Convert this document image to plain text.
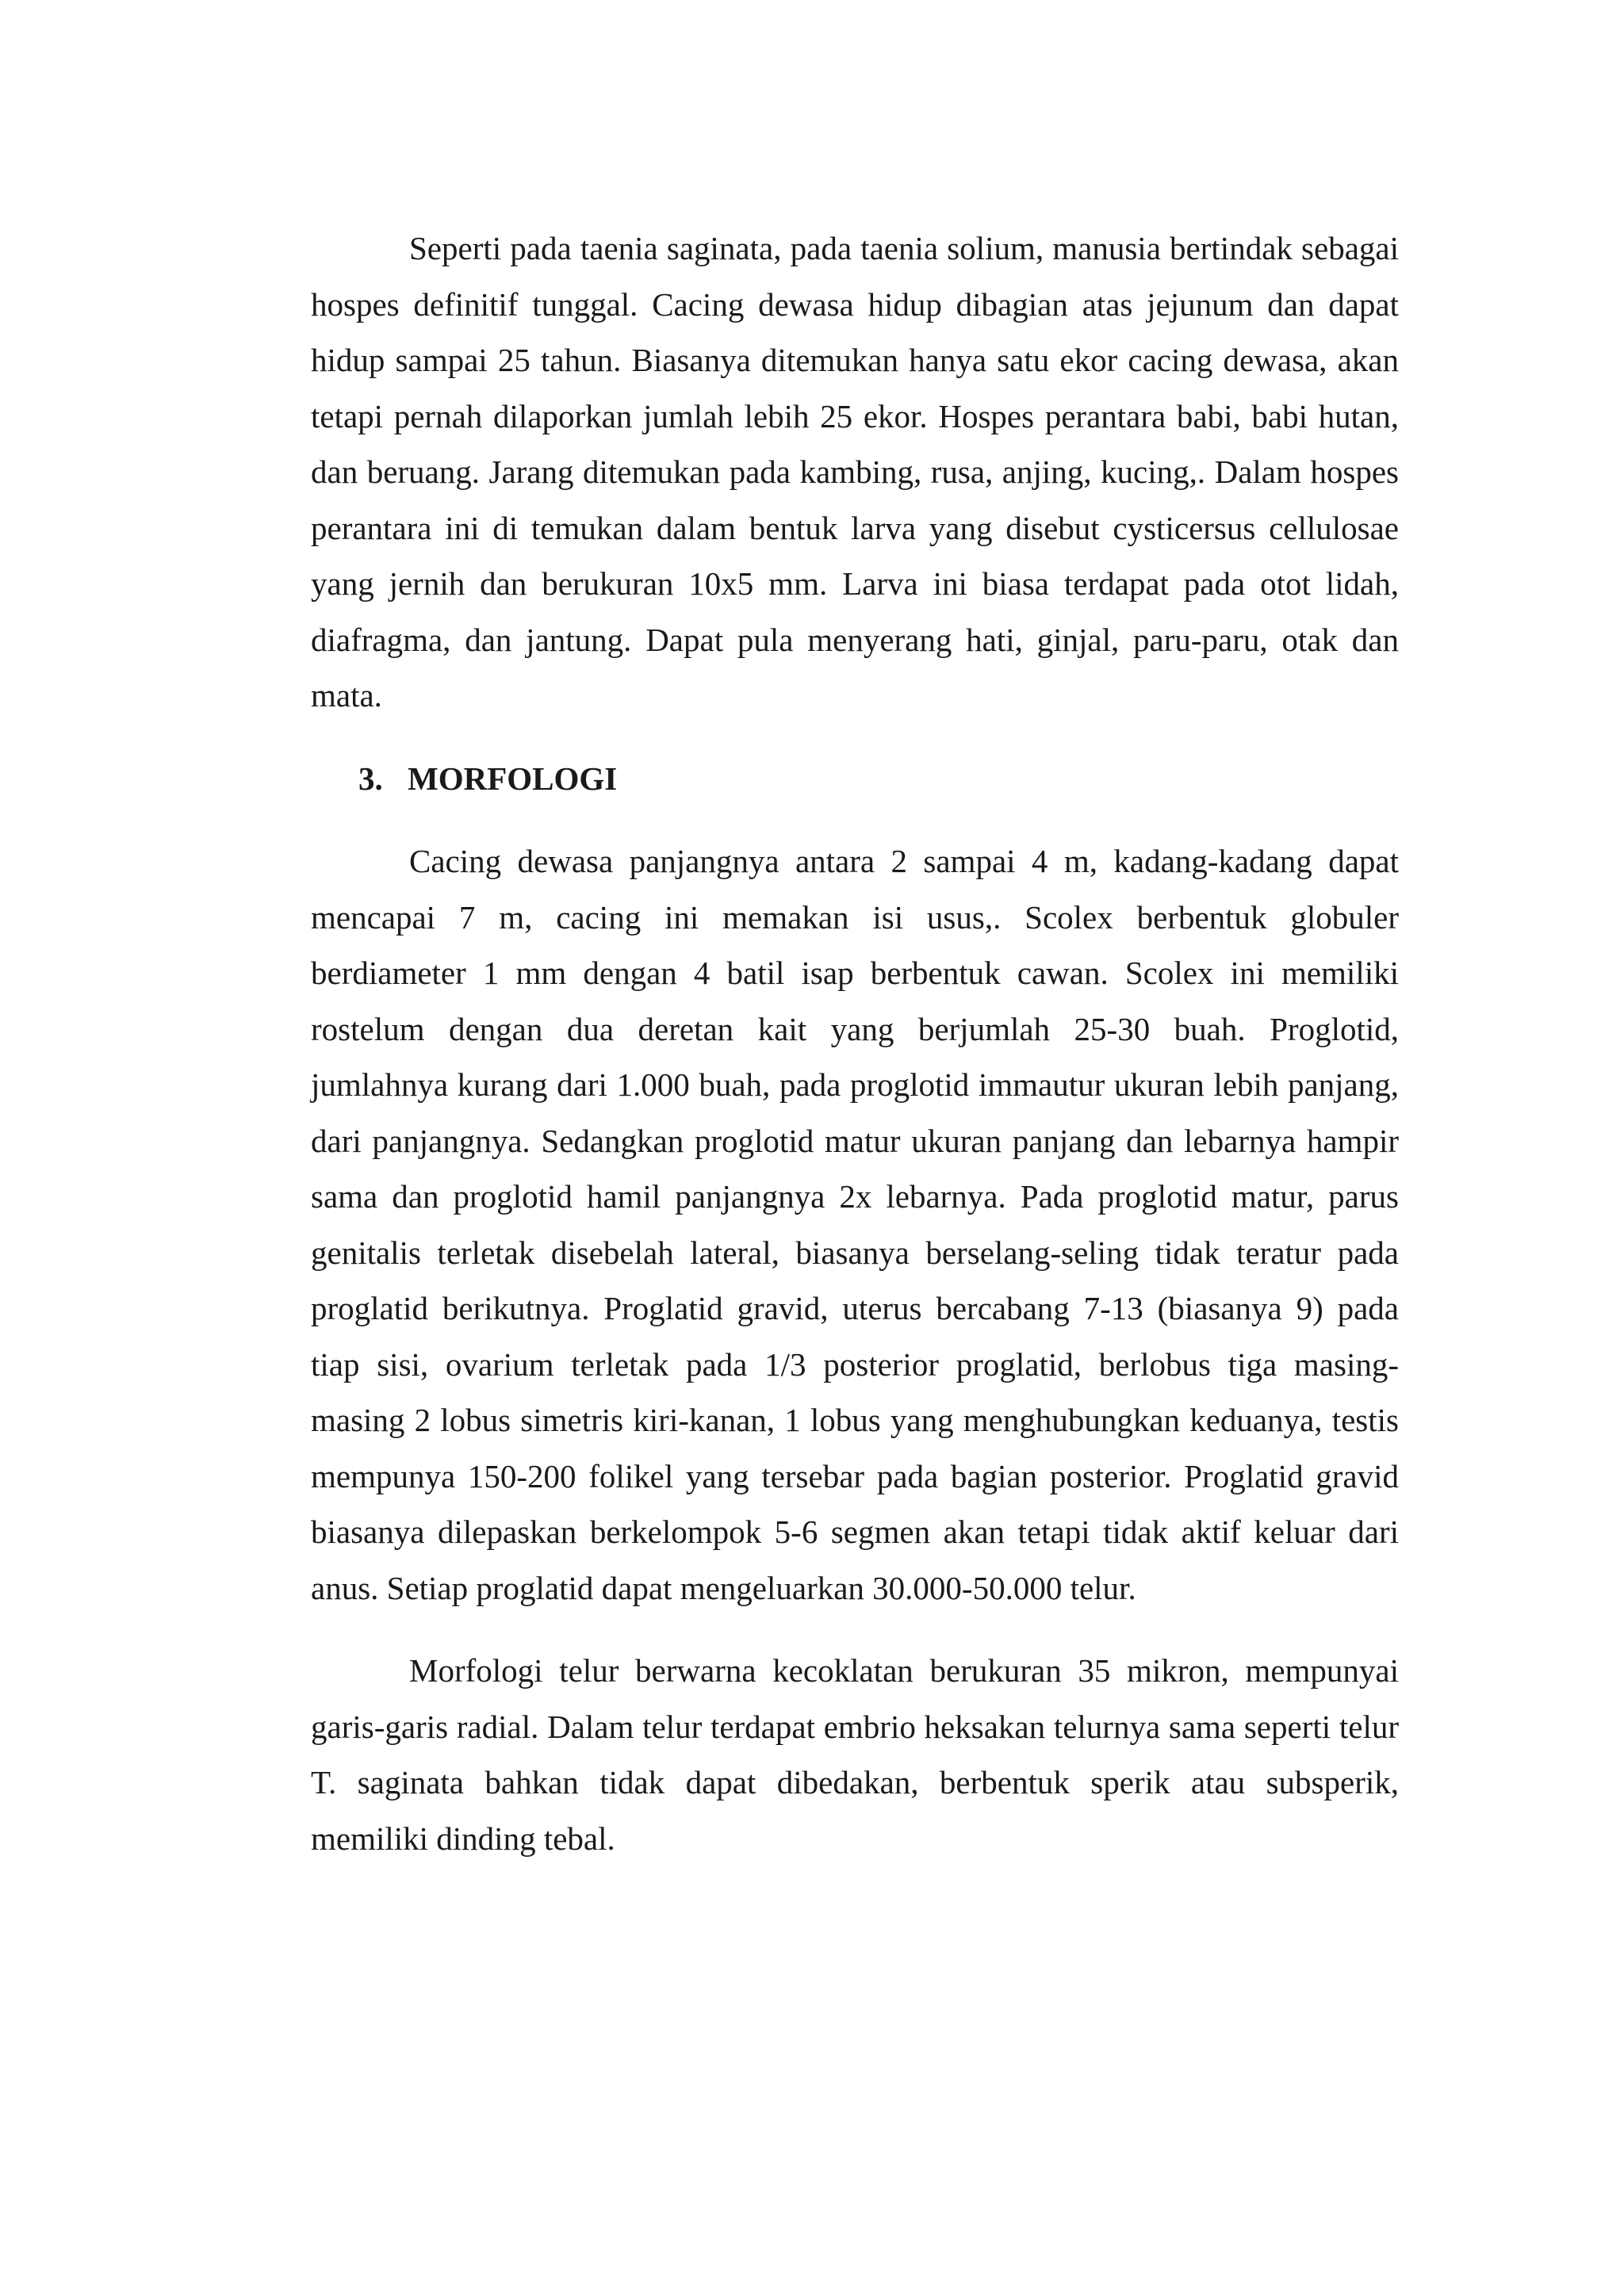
Seperti pada taenia saginata, pada taenia solium, manusia bertindak sebagai hospes definitif tunggal. Cacing dewasa hidup dibagian atas jejunum dan dapat hidup sampai 25 tahun. Biasanya ditemukan hanya satu ekor cacing dewasa, akan tetapi pernah dilaporkan jumlah lebih 25 ekor. Hospes perantara babi, babi hutan, dan beruang. Jarang ditemukan pada kambing, rusa, anjing, kucing,. Dalam hospes perantara ini di temukan dalam bentuk larva yang disebut cysticersus cellulosae yang jernih dan berukuran 10x5 mm. Larva ini biasa terdapat pada otot lidah, diafragma, dan jantung. Dapat pula menyerang hati, ginjal, paru-paru, otak dan mata.

3. MORFOLOGI

Cacing dewasa panjangnya antara 2 sampai 4 m, kadang-kadang dapat mencapai 7 m, cacing ini memakan isi usus,. Scolex berbentuk globuler berdiameter 1 mm dengan 4 batil isap berbentuk cawan. Scolex ini memiliki rostelum dengan dua deretan kait yang berjumlah 25-30 buah. Proglotid, jumlahnya kurang dari 1.000 buah, pada proglotid immautur ukuran lebih panjang, dari panjangnya. Sedangkan proglotid matur ukuran panjang dan lebarnya hampir sama dan proglotid hamil panjangnya 2x lebarnya. Pada proglotid matur, parus genitalis terletak disebelah lateral, biasanya berselang-seling tidak teratur pada proglatid berikutnya. Proglatid gravid, uterus bercabang 7-13 (biasanya 9) pada tiap sisi, ovarium terletak pada 1/3 posterior proglatid, berlobus tiga masing-masing 2 lobus simetris kiri-kanan, 1 lobus yang menghubungkan keduanya, testis mempunya 150-200 folikel yang tersebar pada bagian posterior. Proglatid gravid biasanya dilepaskan berkelompok 5-6 segmen akan tetapi tidak aktif keluar dari anus. Setiap proglatid dapat mengeluarkan 30.000-50.000 telur.

Morfologi telur berwarna kecoklatan berukuran 35 mikron, mempunyai garis-garis radial. Dalam telur terdapat embrio heksakan telurnya sama seperti telur T. saginata bahkan tidak dapat dibedakan, berbentuk sperik atau subsperik, memiliki dinding tebal.
